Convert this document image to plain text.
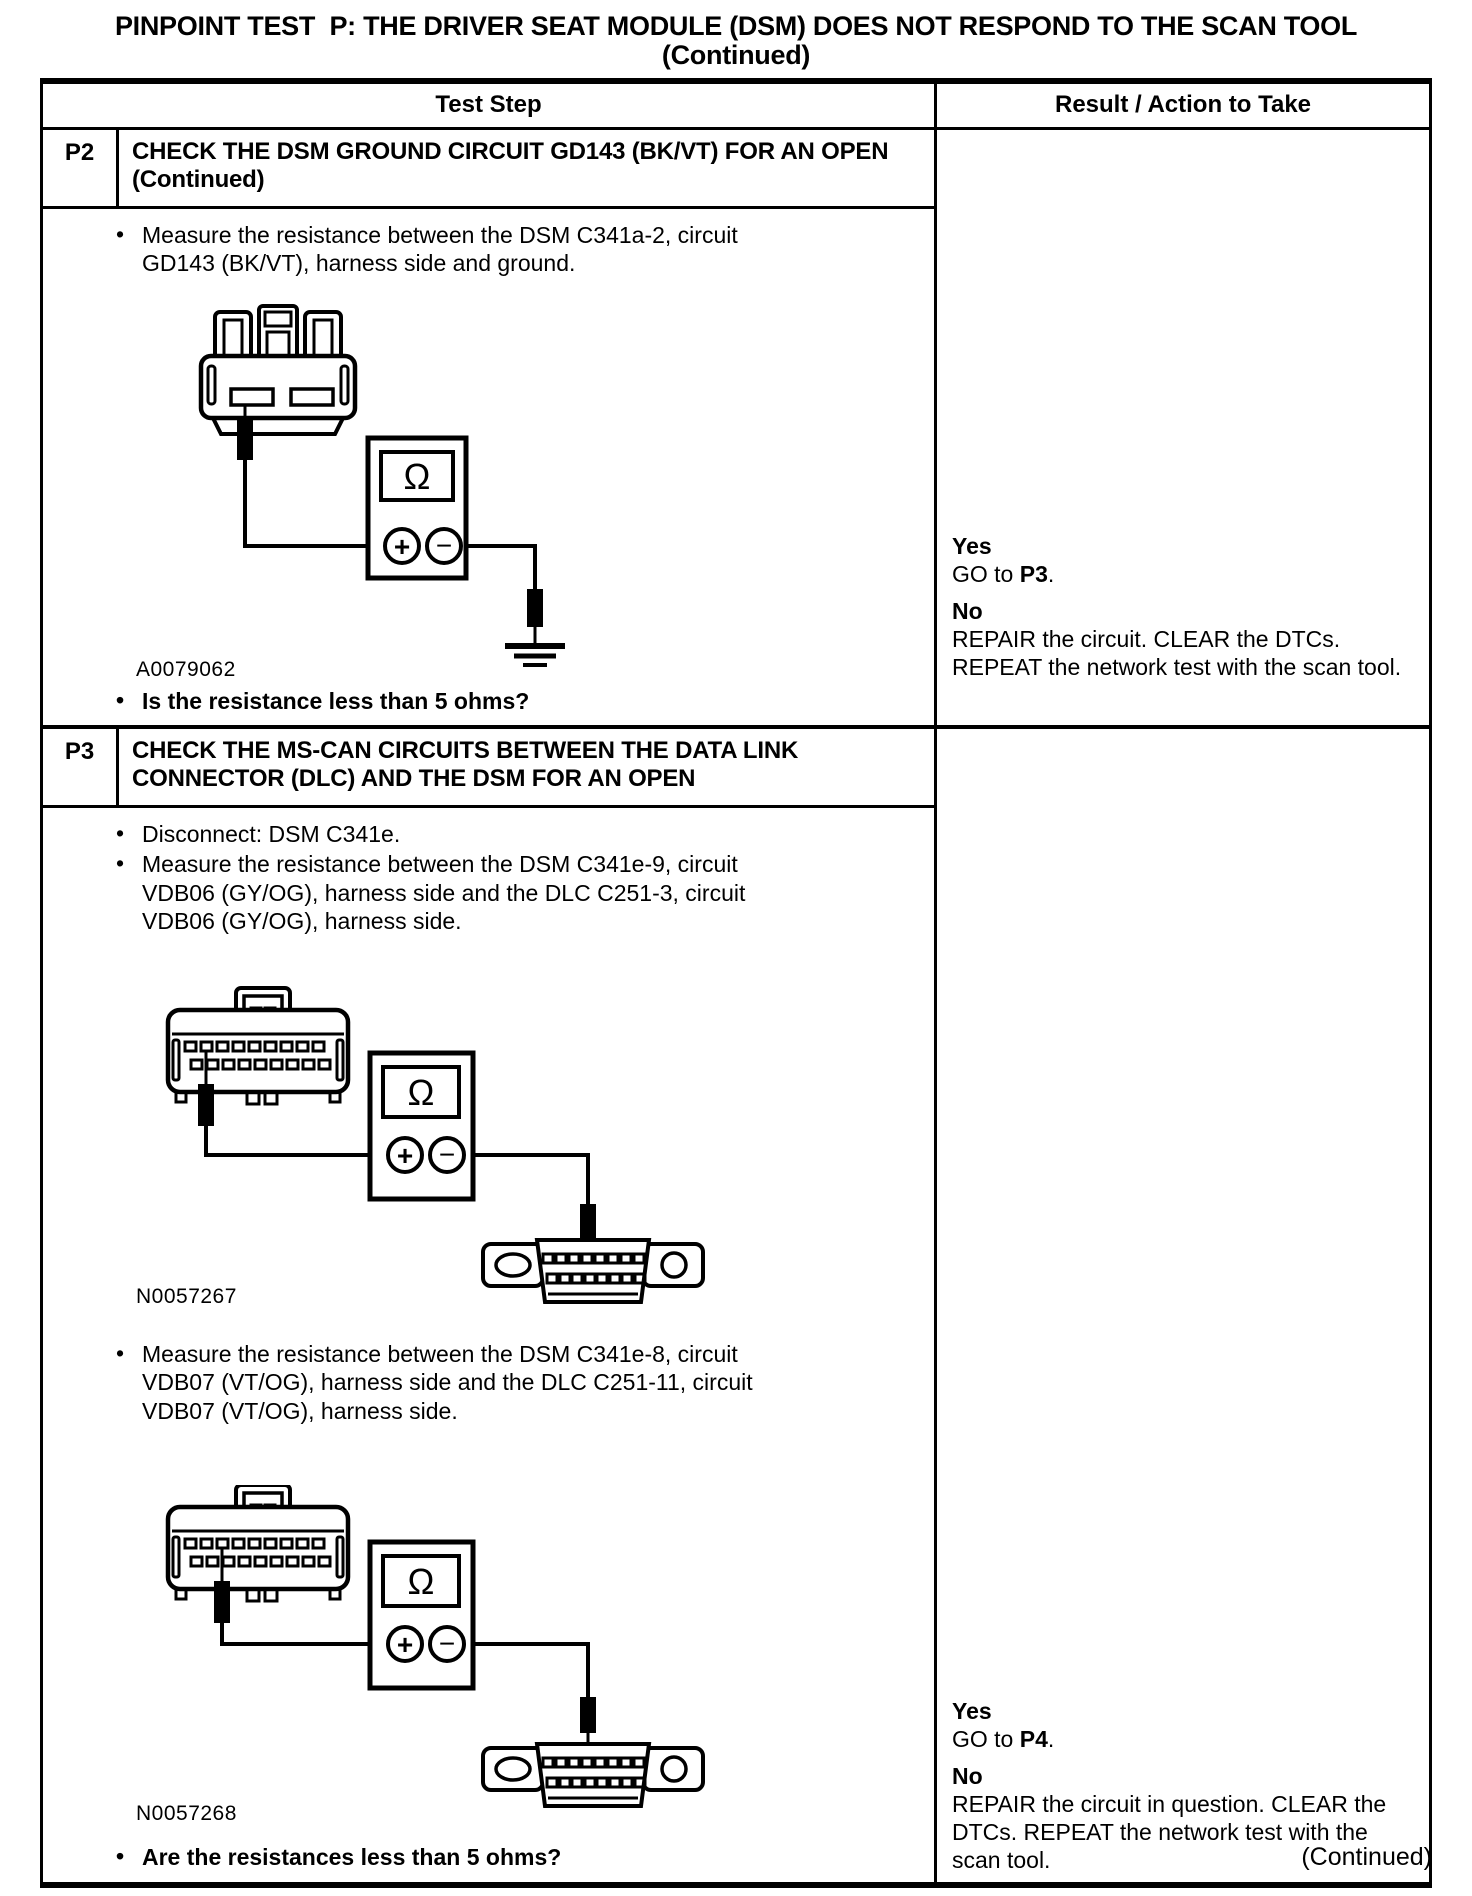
PINPOINT TEST  P: THE DRIVER SEAT MODULE (DSM) DOES NOT RESPOND TO THE SCAN TOOL
(Continued)
Test Step	Result / Action to Take
P2	CHECK THE DSM GROUND CIRCUIT GD143 (BK/VT) FOR AN OPEN (Continued)
• Measure the resistance between the DSM C341a-2, circuit GD143 (BK/VT), harness side and ground.
Ω
+ −
A0079062
• Is the resistance less than 5 ohms?
Yes
GO to P3.
No
REPAIR the circuit. CLEAR the DTCs. REPEAT the network test with the scan tool.
P3	CHECK THE MS-CAN CIRCUITS BETWEEN THE DATA LINK CONNECTOR (DLC) AND THE DSM FOR AN OPEN
• Disconnect: DSM C341e.
• Measure the resistance between the DSM C341e-9, circuit VDB06 (GY/OG), harness side and the DLC C251-3, circuit VDB06 (GY/OG), harness side.
Ω
+ −
N0057267
• Measure the resistance between the DSM C341e-8, circuit VDB07 (VT/OG), harness side and the DLC C251-11, circuit VDB07 (VT/OG), harness side.
Ω
+ −
N0057268
• Are the resistances less than 5 ohms?
Yes
GO to P4.
No
REPAIR the circuit in question. CLEAR the DTCs. REPEAT the network test with the scan tool.	(Continued)
